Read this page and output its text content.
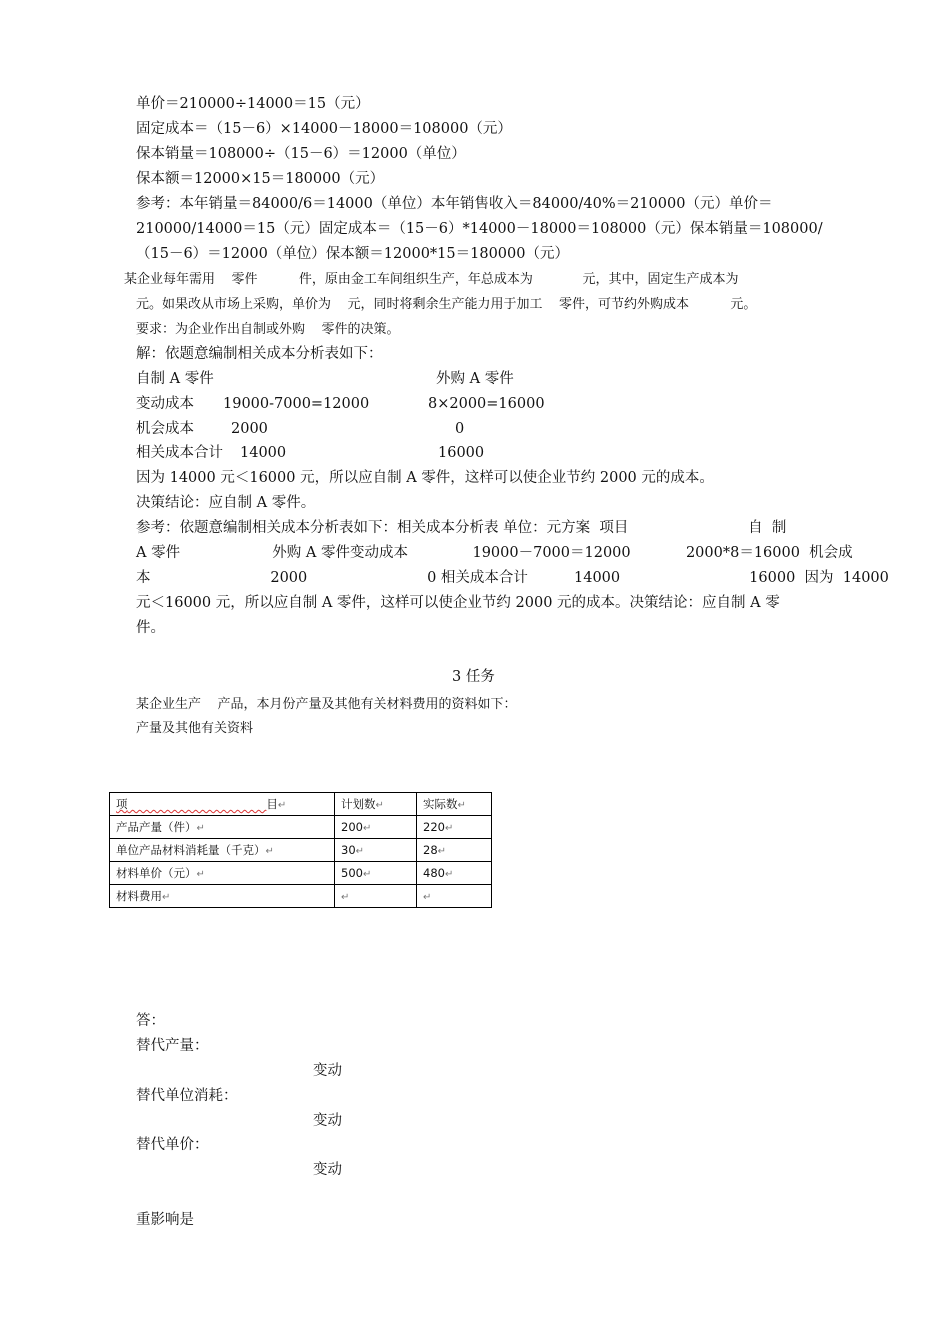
单价＝210000÷14000＝15（元）
固定成本＝（15－6）×14000－18000＝108000（元）
保本销量＝108000÷（15－6）＝12000（单位）
保本额＝12000×15＝180000（元）
参考：本年销量＝84000/6＝14000（单位）本年销售收入＝84000/40%＝210000（元）单价＝
210000/14000＝15（元）固定成本＝（15－6）*14000－18000＝108000（元）保本销量＝108000/
（15－6）＝12000（单位）保本额＝12000*15＝180000（元）
某企业每年需用    零件          件，原由金工车间组织生产，年总成本为            元，其中，固定生产成本为
元。如果改从市场上采购，单价为    元，同时将剩余生产能力用于加工    零件，可节约外购成本          元。
要求：为企业作出自制或外购    零件的决策。
解：依题意编制相关成本分析表如下：
自制 A 零件	外购 A 零件
变动成本 19000-7000=12000	8×2000=16000
机会成本	2000	0
相关成本合计 14000	16000
因为 14000 元＜16000 元，所以应自制 A 零件，这样可以使企业节约 2000 元的成本。
决策结论：应自制 A 零件。
参考：依题意编制相关成本分析表如下：相关成本分析表 单位：元方案  项目                          自  制
A 零件                    外购 A 零件变动成本              19000－7000＝12000            2000*8＝16000  机会成
本                          2000                          0 相关成本合计          14000                            16000  因为  14000
元＜16000 元，所以应自制 A 零件，这样可以使企业节约 2000 元的成本。决策结论：应自制 A 零
件。
3 任务
某企业生产    产品，本月份产量及其他有关材料费用的资料如下：
产量及其他有关资料
项 目↵	计划数↵	实际数↵
产品产量（件）↵	200↵	220↵
单位产品材料消耗量（千克）↵	30↵	28↵
材料单价（元）↵	500↵	480↵
材料费用↵	↵	↵
答：
替代产量：
变动
替代单位消耗：
变动
替代单价：
变动
重影响是
